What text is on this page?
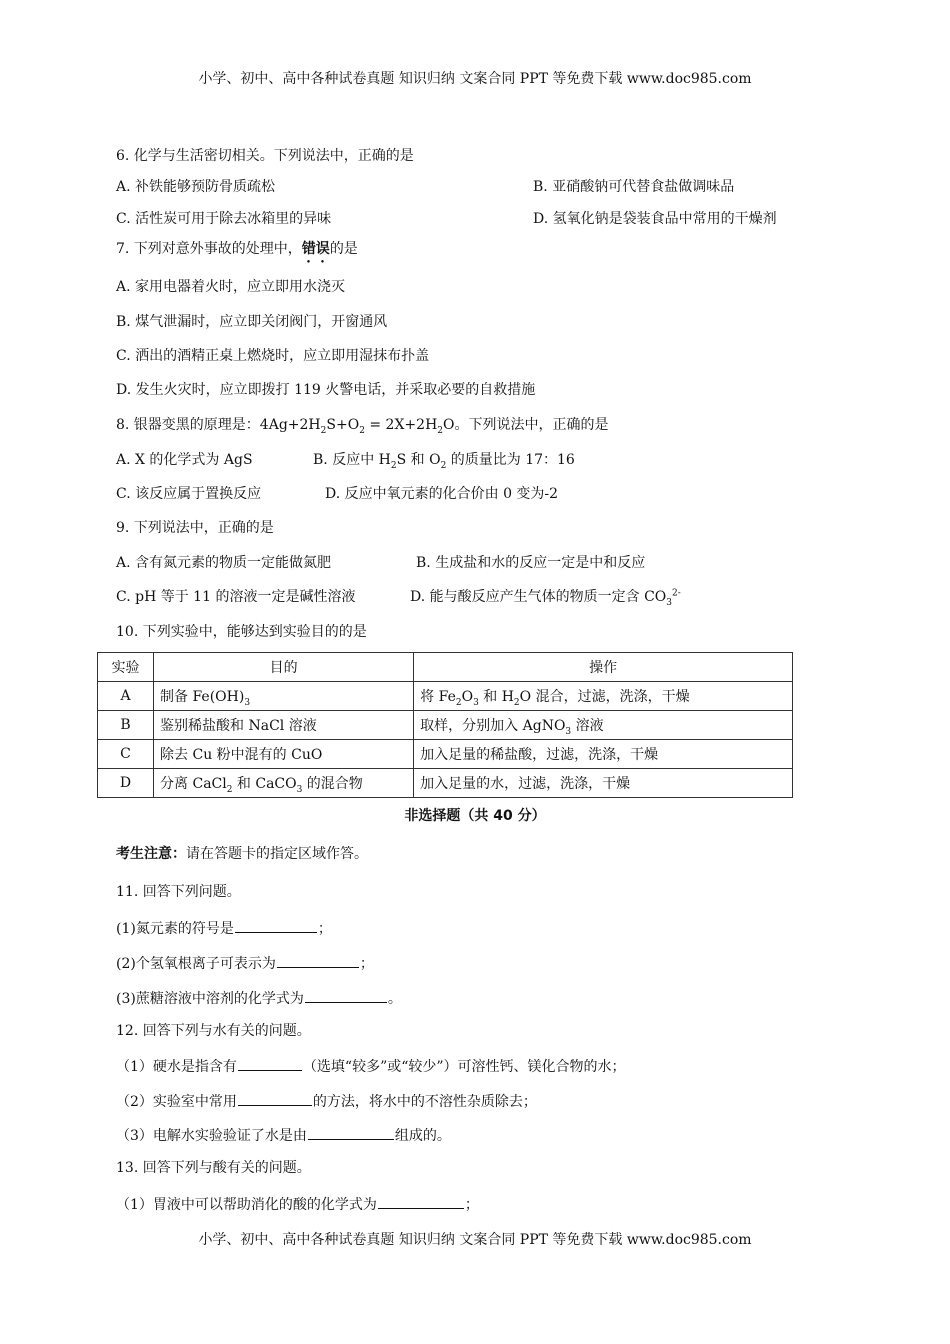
小学、初中、高中各种试卷真题 知识归纳 文案合同 PPT 等免费下载 www.doc985.com
6. 化学与生活密切相关。下列说法中，正确的是
A. 补铁能够预防骨质疏松	B. 亚硝酸钠可代替食盐做调味品
C. 活性炭可用于除去冰箱里的异味	D. 氢氧化钠是袋装食品中常用的干燥剂
7. 下列对意外事故的处理中，错误的是
A. 家用电器着火时，应立即用水浇灭
B. 煤气泄漏时，应立即关闭阀门，开窗通风
C. 洒出的酒精正桌上燃烧时，应立即用湿抹布扑盖
D. 发生火灾时，应立即拨打 119 火警电话，并采取必要的自救措施
8. 银器变黑的原理是：$4Ag+2H_2S+O_2 = 2X+2H_2O$。下列说法中，正确的是
A. X 的化学式为 AgS	B. 反应中 $H_2S$ 和 $O_2$ 的质量比为 17：16
C. 该反应属于置换反应	D. 反应中氧元素的化合价由 0 变为-2
9. 下列说法中，正确的是
A. 含有氮元素的物质一定能做氮肥	B. 生成盐和水的反应一定是中和反应
C. pH 等于 11 的溶液一定是碱性溶液	D. 能与酸反应产生气体的物质一定含 $CO_3^{2-}$
10. 下列实验中，能够达到实验目的的是
实验	目的	操作
A	制备 $Fe(OH)_3$	将 $Fe_2O_3$ 和 $H_2O$ 混合，过滤，洗涤，干燥
B	鉴别稀盐酸和 NaCl 溶液	取样，分别加入 AgNO$_3$ 溶液
C	除去 Cu 粉中混有的 CuO	加入足量的稀盐酸，过滤，洗涤，干燥
D	分离 CaCl$_2$ 和 CaCO$_3$ 的混合物	加入足量的水，过滤，洗涤，干燥
非选择题（共 40 分）
考生注意：请在答题卡的指定区域作答。
11. 回答下列问题。
(1)氮元素的符号是	；
(2)个氢氧根离子可表示为	；
(3)蔗糖溶液中溶剂的化学式为	。
12. 回答下列与水有关的问题。
（1）硬水是指含有	（选填“较多”或“较少”）可溶性钙、镁化合物的水；
（2）实验室中常用	的方法，将水中的不溶性杂质除去；
（3）电解水实验验证了水是由	组成的。
13. 回答下列与酸有关的问题。
（1）胃液中可以帮助消化的酸的化学式为	；
小学、初中、高中各种试卷真题 知识归纳 文案合同 PPT 等免费下载 www.doc985.com
